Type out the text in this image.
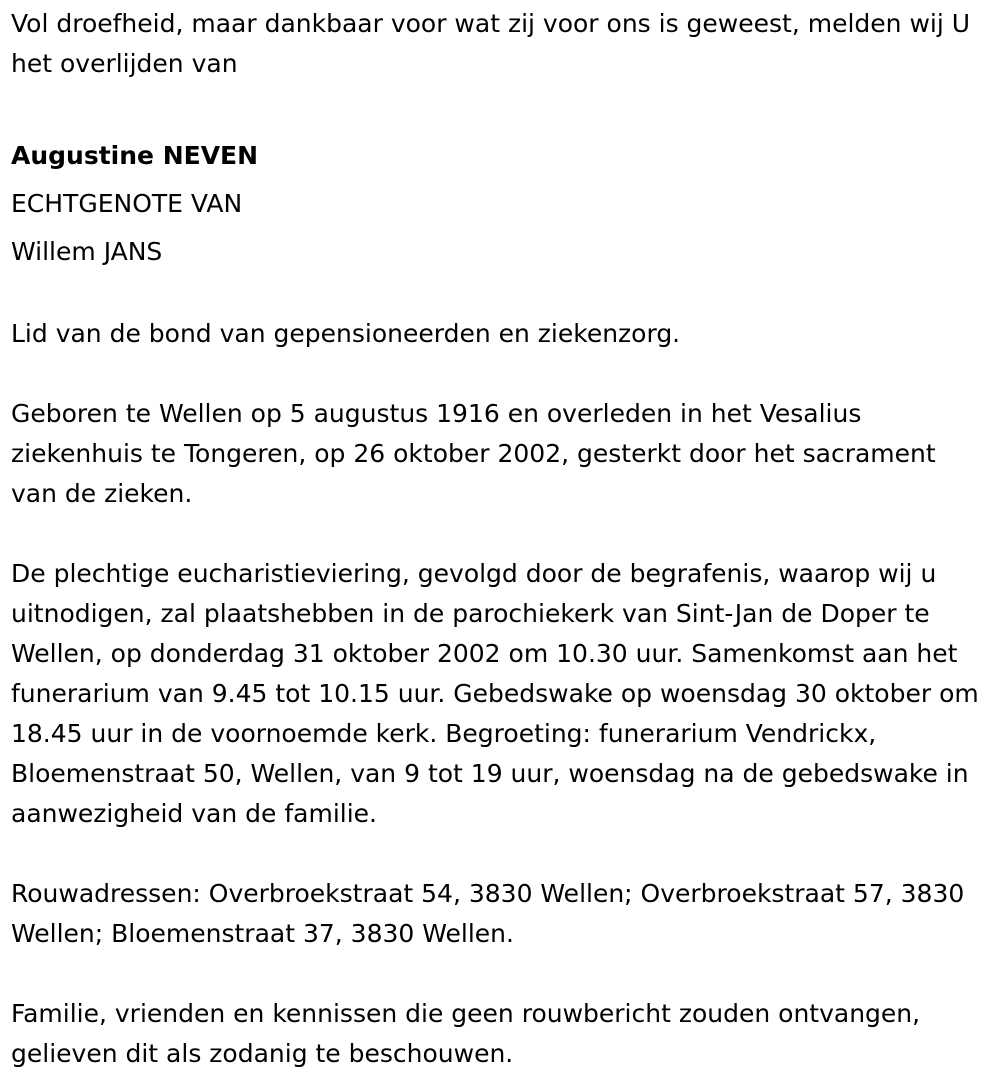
Vol droefheid, maar dankbaar voor wat zij voor ons is geweest, melden wij U het overlijden van

Augustine NEVEN
ECHTGENOTE VAN
Willem JANS

Lid van de bond van gepensioneerden en ziekenzorg.

Geboren te Wellen op 5 augustus 1916 en overleden in het Vesalius ziekenhuis te Tongeren, op 26 oktober 2002, gesterkt door het sacrament van de zieken.

De plechtige eucharistieviering, gevolgd door de begrafenis, waarop wij u uitnodigen, zal plaatshebben in de parochiekerk van Sint-Jan de Doper te Wellen, op donderdag 31 oktober 2002 om 10.30 uur. Samenkomst aan het funerarium van 9.45 tot 10.15 uur. Gebedswake op woensdag 30 oktober om 18.45 uur in de voornoemde kerk. Begroeting: funerarium Vendrickx, Bloemenstraat 50, Wellen, van 9 tot 19 uur, woensdag na de gebedswake in aanwezigheid van de familie.

Rouwadressen: Overbroekstraat 54, 3830 Wellen; Overbroekstraat 57, 3830 Wellen; Bloemenstraat 37, 3830 Wellen.

Familie, vrienden en kennissen die geen rouwbericht zouden ontvangen, gelieven dit als zodanig te beschouwen.
